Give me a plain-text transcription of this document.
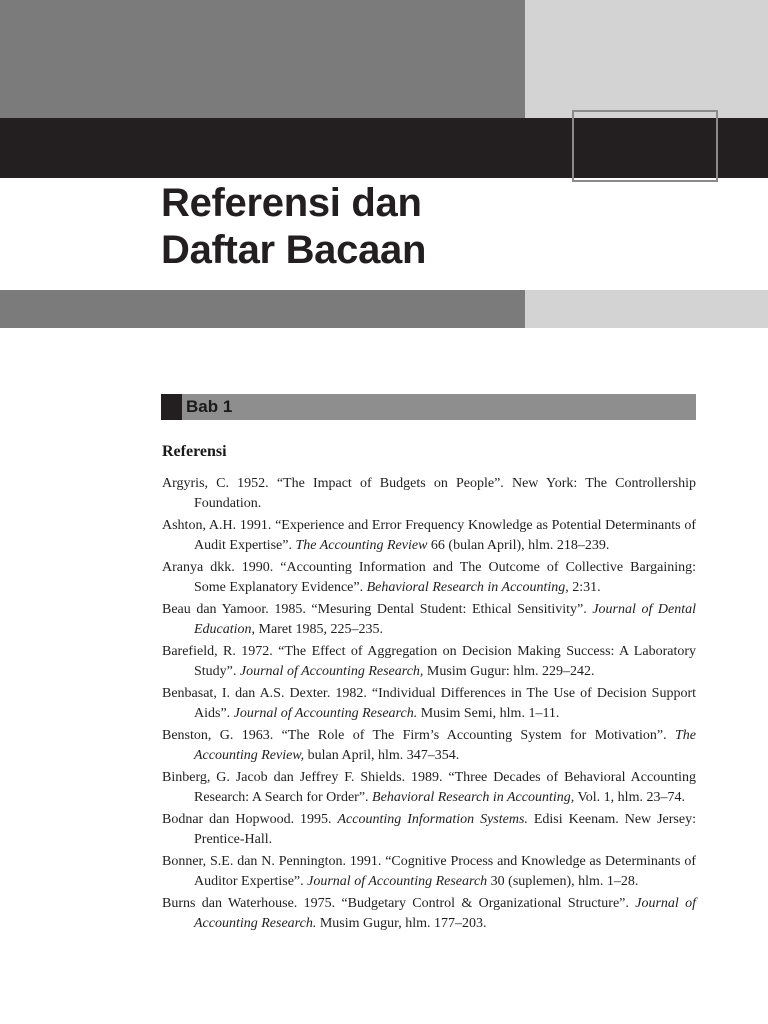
Referensi dan
Daftar Bacaan
Bab 1
Referensi
Argyris, C. 1952. “The Impact of Budgets on People”. New York: The Controllership Foundation.
Ashton, A.H. 1991. “Experience and Error Frequency Knowledge as Potential Determinants of Audit Expertise”. The Accounting Review 66 (bulan April), hlm. 218–239.
Aranya dkk. 1990. “Accounting Information and The Outcome of Collective Bargaining: Some Explanatory Evidence”. Behavioral Research in Accounting, 2:31.
Beau dan Yamoor. 1985. “Mesuring Dental Student: Ethical Sensitivity”. Journal of Dental Education, Maret 1985, 225–235.
Barefield, R. 1972. “The Effect of Aggregation on Decision Making Success: A Laboratory Study”. Journal of Accounting Research, Musim Gugur: hlm. 229–242.
Benbasat, I. dan A.S. Dexter. 1982. “Individual Differences in The Use of Decision Support Aids”. Journal of Accounting Research. Musim Semi, hlm. 1–11.
Benston, G. 1963. “The Role of The Firm’s Accounting System for Motivation”. The Accounting Review, bulan April, hlm. 347–354.
Binberg, G. Jacob dan Jeffrey F. Shields. 1989. “Three Decades of Behavioral Accounting Research: A Search for Order”. Behavioral Research in Accounting, Vol. 1, hlm. 23–74.
Bodnar dan Hopwood. 1995. Accounting Information Systems. Edisi Keenam. New Jersey: Prentice-Hall.
Bonner, S.E. dan N. Pennington. 1991. “Cognitive Process and Knowledge as Determinants of Auditor Expertise”. Journal of Accounting Research 30 (suplemen), hlm. 1–28.
Burns dan Waterhouse. 1975. “Budgetary Control & Organizational Structure”. Journal of Accounting Research. Musim Gugur, hlm. 177–203.
